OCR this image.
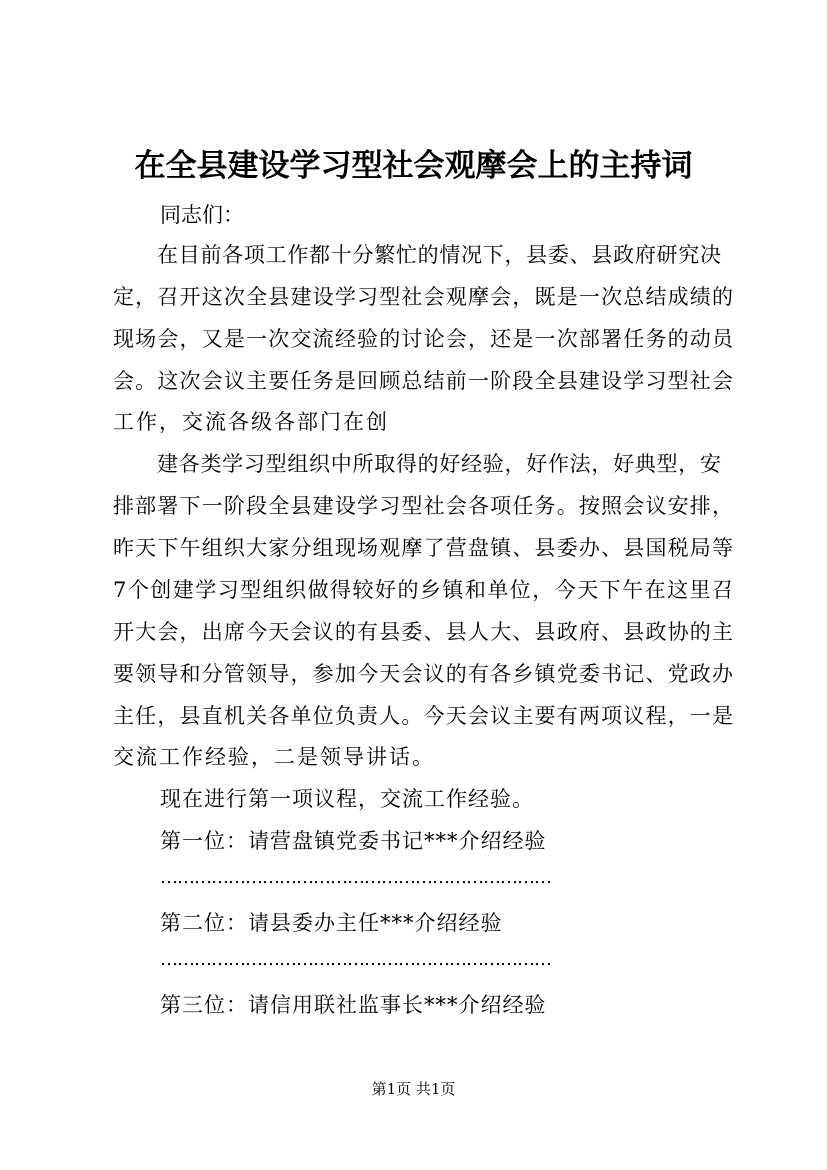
在全县建设学习型社会观摩会上的主持词
同志们：
在目前各项工作都十分繁忙的情况下，县委、县政府研究决
定，召开这次全县建设学习型社会观摩会，既是一次总结成绩的
现场会，又是一次交流经验的讨论会，还是一次部署任务的动员
会。这次会议主要任务是回顾总结前一阶段全县建设学习型社会
工作，交流各级各部门在创
建各类学习型组织中所取得的好经验，好作法，好典型，安
排部署下一阶段全县建设学习型社会各项任务。按照会议安排，
昨天下午组织大家分组现场观摩了营盘镇、县委办、县国税局等
7个创建学习型组织做得较好的乡镇和单位，今天下午在这里召
开大会，出席今天会议的有县委、县人大、县政府、县政协的主
要领导和分管领导，参加今天会议的有各乡镇党委书记、党政办
主任，县直机关各单位负责人。今天会议主要有两项议程，一是
交流工作经验，二是领导讲话。
现在进行第一项议程，交流工作经验。
第一位：请营盘镇党委书记***介绍经验
……………………………………………………………
第二位：请县委办主任***介绍经验
……………………………………………………………
第三位：请信用联社监事长***介绍经验
第1页 共1页
